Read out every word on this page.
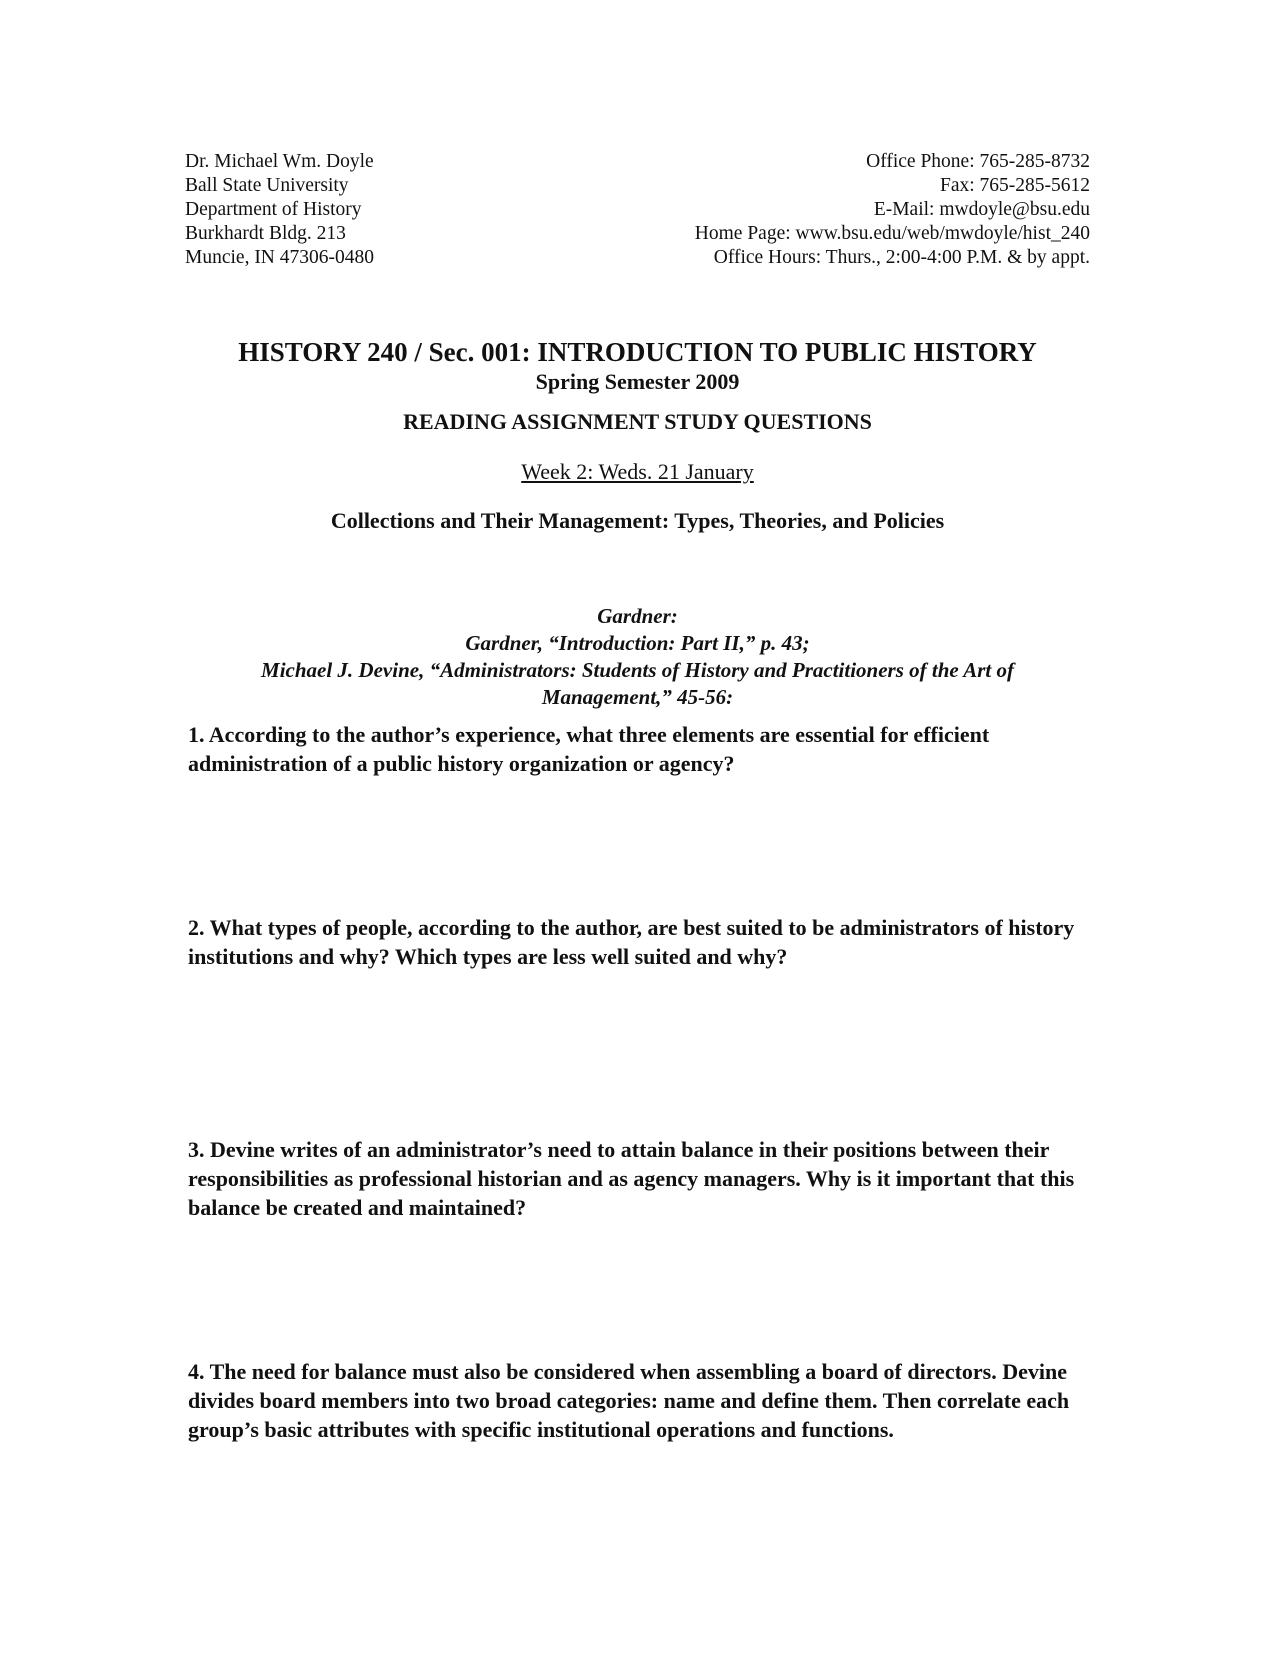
Dr. Michael Wm. Doyle
Ball State University
Department of History
Burkhardt Bldg. 213
Muncie, IN 47306-0480
Office Phone: 765-285-8732
Fax: 765-285-5612
E-Mail: mwdoyle@bsu.edu
Home Page: www.bsu.edu/web/mwdoyle/hist_240
Office Hours: Thurs., 2:00-4:00 P.M. & by appt.
HISTORY 240 / Sec. 001: INTRODUCTION TO PUBLIC HISTORY
Spring Semester 2009
READING ASSIGNMENT STUDY QUESTIONS
Week 2: Weds. 21 January
Collections and Their Management: Types, Theories, and Policies
Gardner:
Gardner, “Introduction: Part II,” p. 43;
Michael J. Devine, “Administrators: Students of History and Practitioners of the Art of
Management,” 45-56:
1. According to the author’s experience, what three elements are essential for efficient administration of a public history organization or agency?
2. What types of people, according to the author, are best suited to be administrators of history institutions and why? Which types are less well suited and why?
3. Devine writes of an administrator’s need to attain balance in their positions between their responsibilities as professional historian and as agency managers. Why is it important that this balance be created and maintained?
4. The need for balance must also be considered when assembling a board of directors. Devine divides board members into two broad categories: name and define them. Then correlate each group’s basic attributes with specific institutional operations and functions.
